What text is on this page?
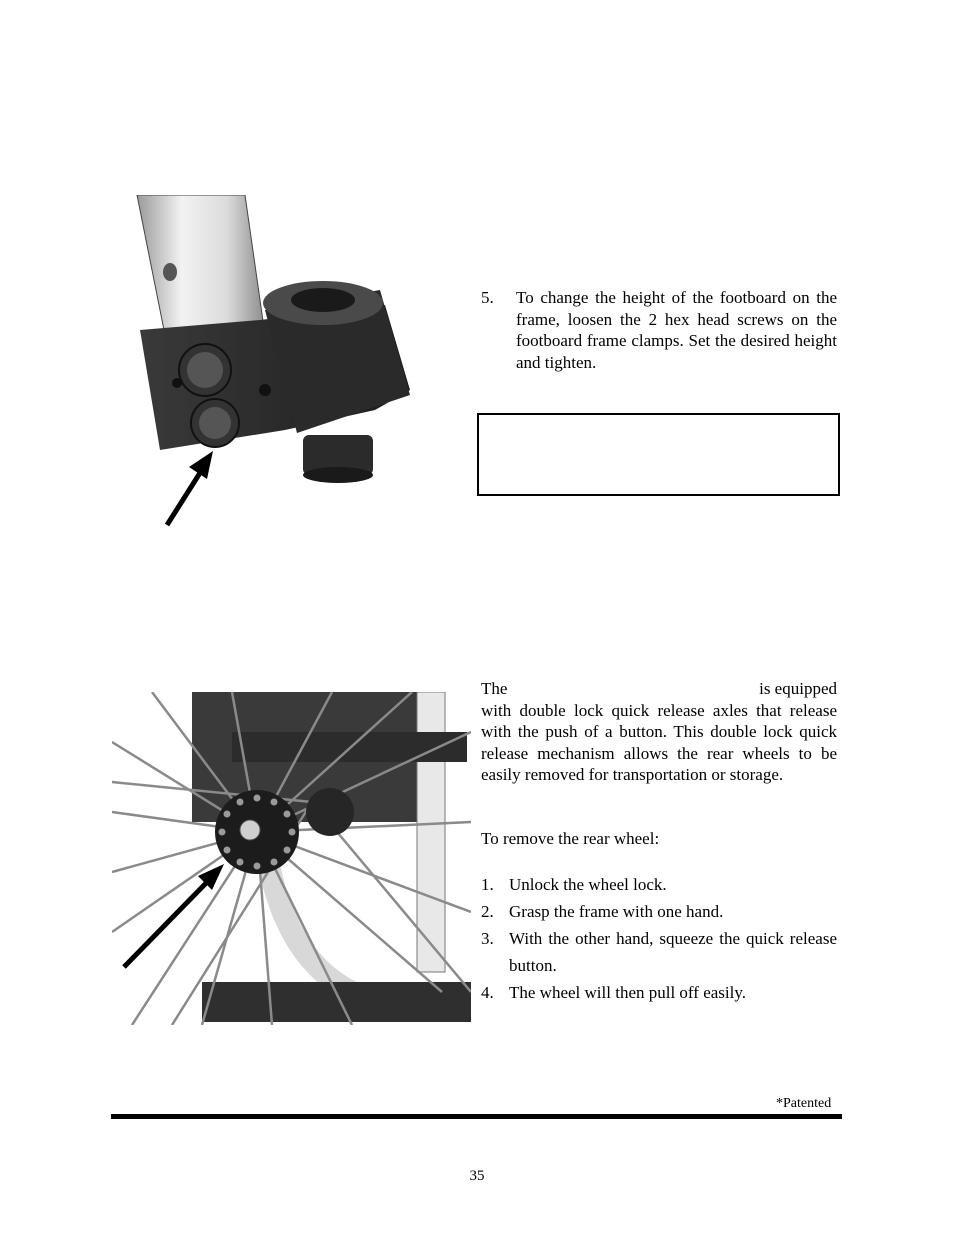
5. To change the height of the footboard on the frame, loosen the 2 hex head screws on the footboard frame clamps. Set the desired height and tighten.
The	is equipped
with double lock quick release axles that release with the push of a button. This double lock quick release mechanism allows the rear wheels to be easily removed for transportation or storage.
To remove the rear wheel:
1. Unlock the wheel lock.
2. Grasp the frame with one hand.
3. With the other hand, squeeze the quick release button.
4. The wheel will then pull off easily.
*Patented
35
